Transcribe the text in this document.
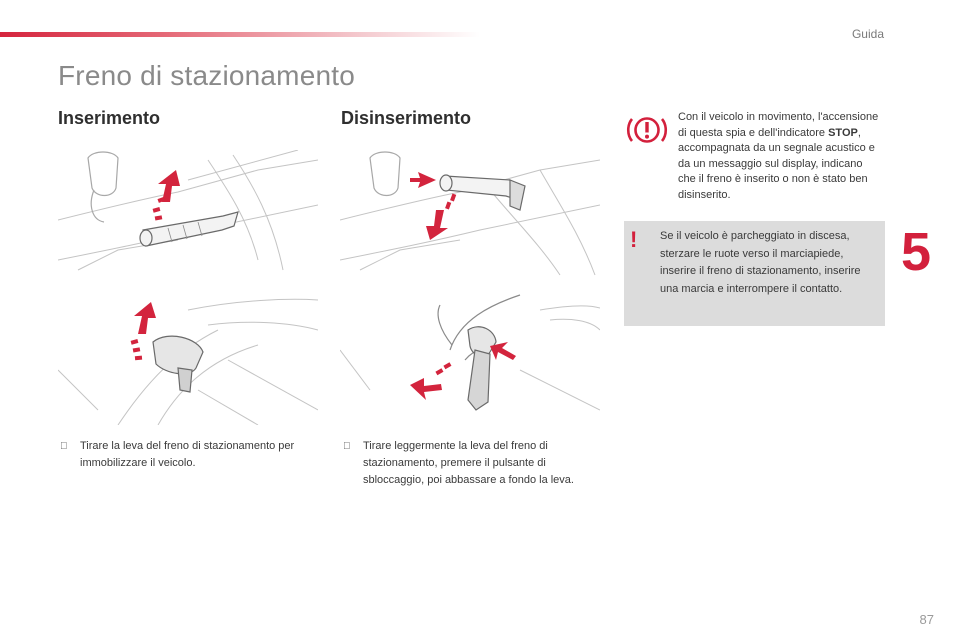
Guida
Freno di stazionamento
Inserimento	Disinserimento
Tirare la leva del freno di stazionamento per immobilizzare il veicolo.
Tirare leggermente la leva del freno di stazionamento, premere il pulsante di sbloccaggio, poi abbassare a fondo la leva.
Con il veicolo in movimento, l'accensione di questa spia e dell'indicatore STOP, accompagnata da un segnale acustico e da un messaggio sul display, indicano che il freno è inserito o non è stato ben disinserito.
! Se il veicolo è parcheggiato in discesa, sterzare le ruote verso il marciapiede, inserire il freno di stazionamento, inserire una marcia e interrompere il contatto.
5
87
